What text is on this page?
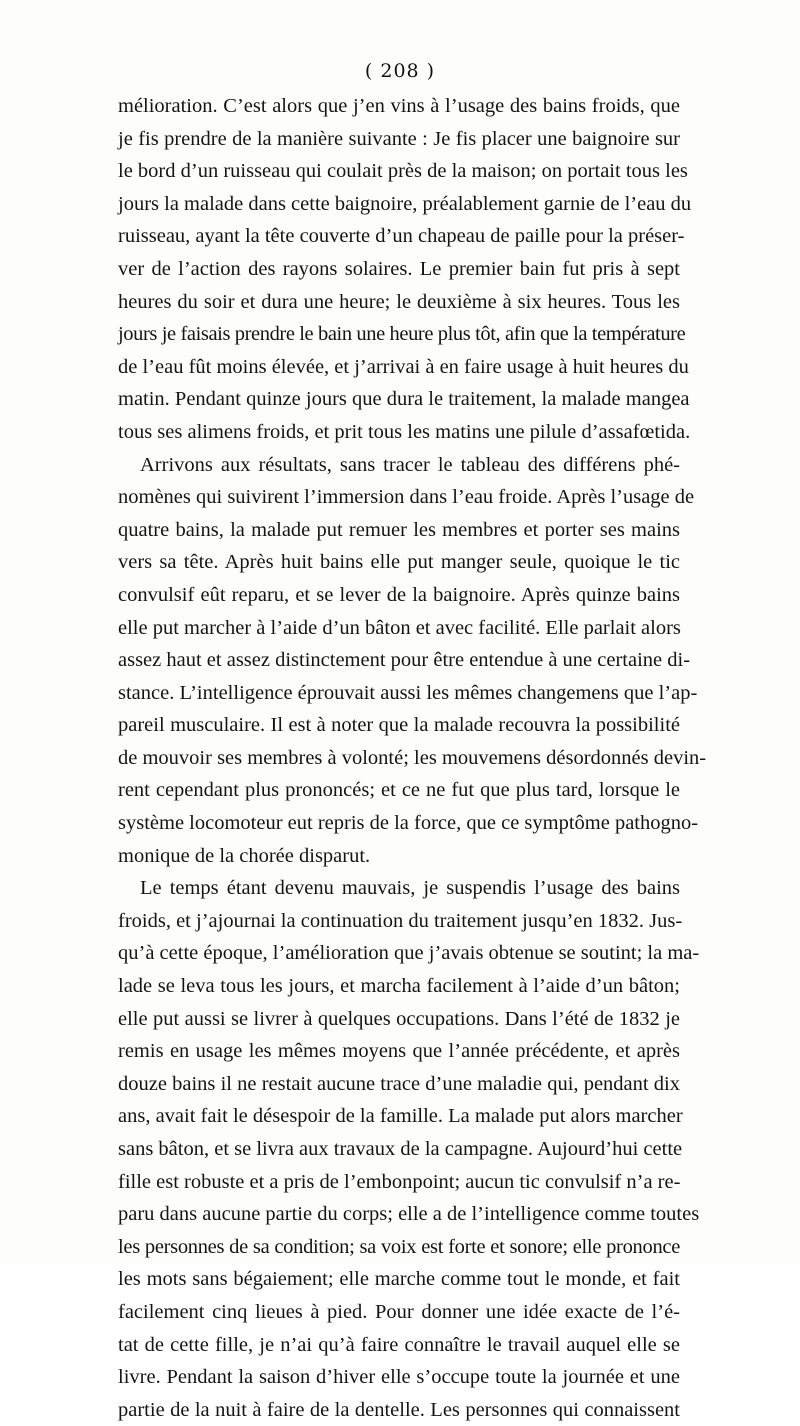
( 208 )
mélioration. C’est alors que j’en vins à l’usage des bains froids, que
je fis prendre de la manière suivante : Je fis placer une baignoire sur
le bord d’un ruisseau qui coulait près de la maison; on portait tous les
jours la malade dans cette baignoire, préalablement garnie de l’eau du
ruisseau, ayant la tête couverte d’un chapeau de paille pour la préser-
ver de l’action des rayons solaires. Le premier bain fut pris à sept
heures du soir et dura une heure; le deuxième à six heures. Tous les
jours je faisais prendre le bain une heure plus tôt, afin que la température
de l’eau fût moins élevée, et j’arrivai à en faire usage à huit heures du
matin. Pendant quinze jours que dura le traitement, la malade mangea
tous ses alimens froids, et prit tous les matins une pilule d’assafœtida.
Arrivons aux résultats, sans tracer le tableau des différens phé-
nomènes qui suivirent l’immersion dans l’eau froide. Après l’usage de
quatre bains, la malade put remuer les membres et porter ses mains
vers sa tête. Après huit bains elle put manger seule, quoique le tic
convulsif eût reparu, et se lever de la baignoire. Après quinze bains
elle put marcher à l’aide d’un bâton et avec facilité. Elle parlait alors
assez haut et assez distinctement pour être entendue à une certaine di-
stance. L’intelligence éprouvait aussi les mêmes changemens que l’ap-
pareil musculaire. Il est à noter que la malade recouvra la possibilité
de mouvoir ses membres à volonté; les mouvemens désordonnés devin-
rent cependant plus prononcés; et ce ne fut que plus tard, lorsque le
système locomoteur eut repris de la force, que ce symptôme pathogno-
monique de la chorée disparut.
Le temps étant devenu mauvais, je suspendis l’usage des bains
froids, et j’ajournai la continuation du traitement jusqu’en 1832. Jus-
qu’à cette époque, l’amélioration que j’avais obtenue se soutint; la ma-
lade se leva tous les jours, et marcha facilement à l’aide d’un bâton;
elle put aussi se livrer à quelques occupations. Dans l’été de 1832 je
remis en usage les mêmes moyens que l’année précédente, et après
douze bains il ne restait aucune trace d’une maladie qui, pendant dix
ans, avait fait le désespoir de la famille. La malade put alors marcher
sans bâton, et se livra aux travaux de la campagne. Aujourd’hui cette
fille est robuste et a pris de l’embonpoint; aucun tic convulsif n’a re-
paru dans aucune partie du corps; elle a de l’intelligence comme toutes
les personnes de sa condition; sa voix est forte et sonore; elle prononce
les mots sans bégaiement; elle marche comme tout le monde, et fait
facilement cinq lieues à pied. Pour donner une idée exacte de l’é-
tat de cette fille, je n’ai qu’à faire connaître le travail auquel elle se
livre. Pendant la saison d’hiver elle s’occupe toute la journée et une
partie de la nuit à faire de la dentelle. Les personnes qui connaissent
